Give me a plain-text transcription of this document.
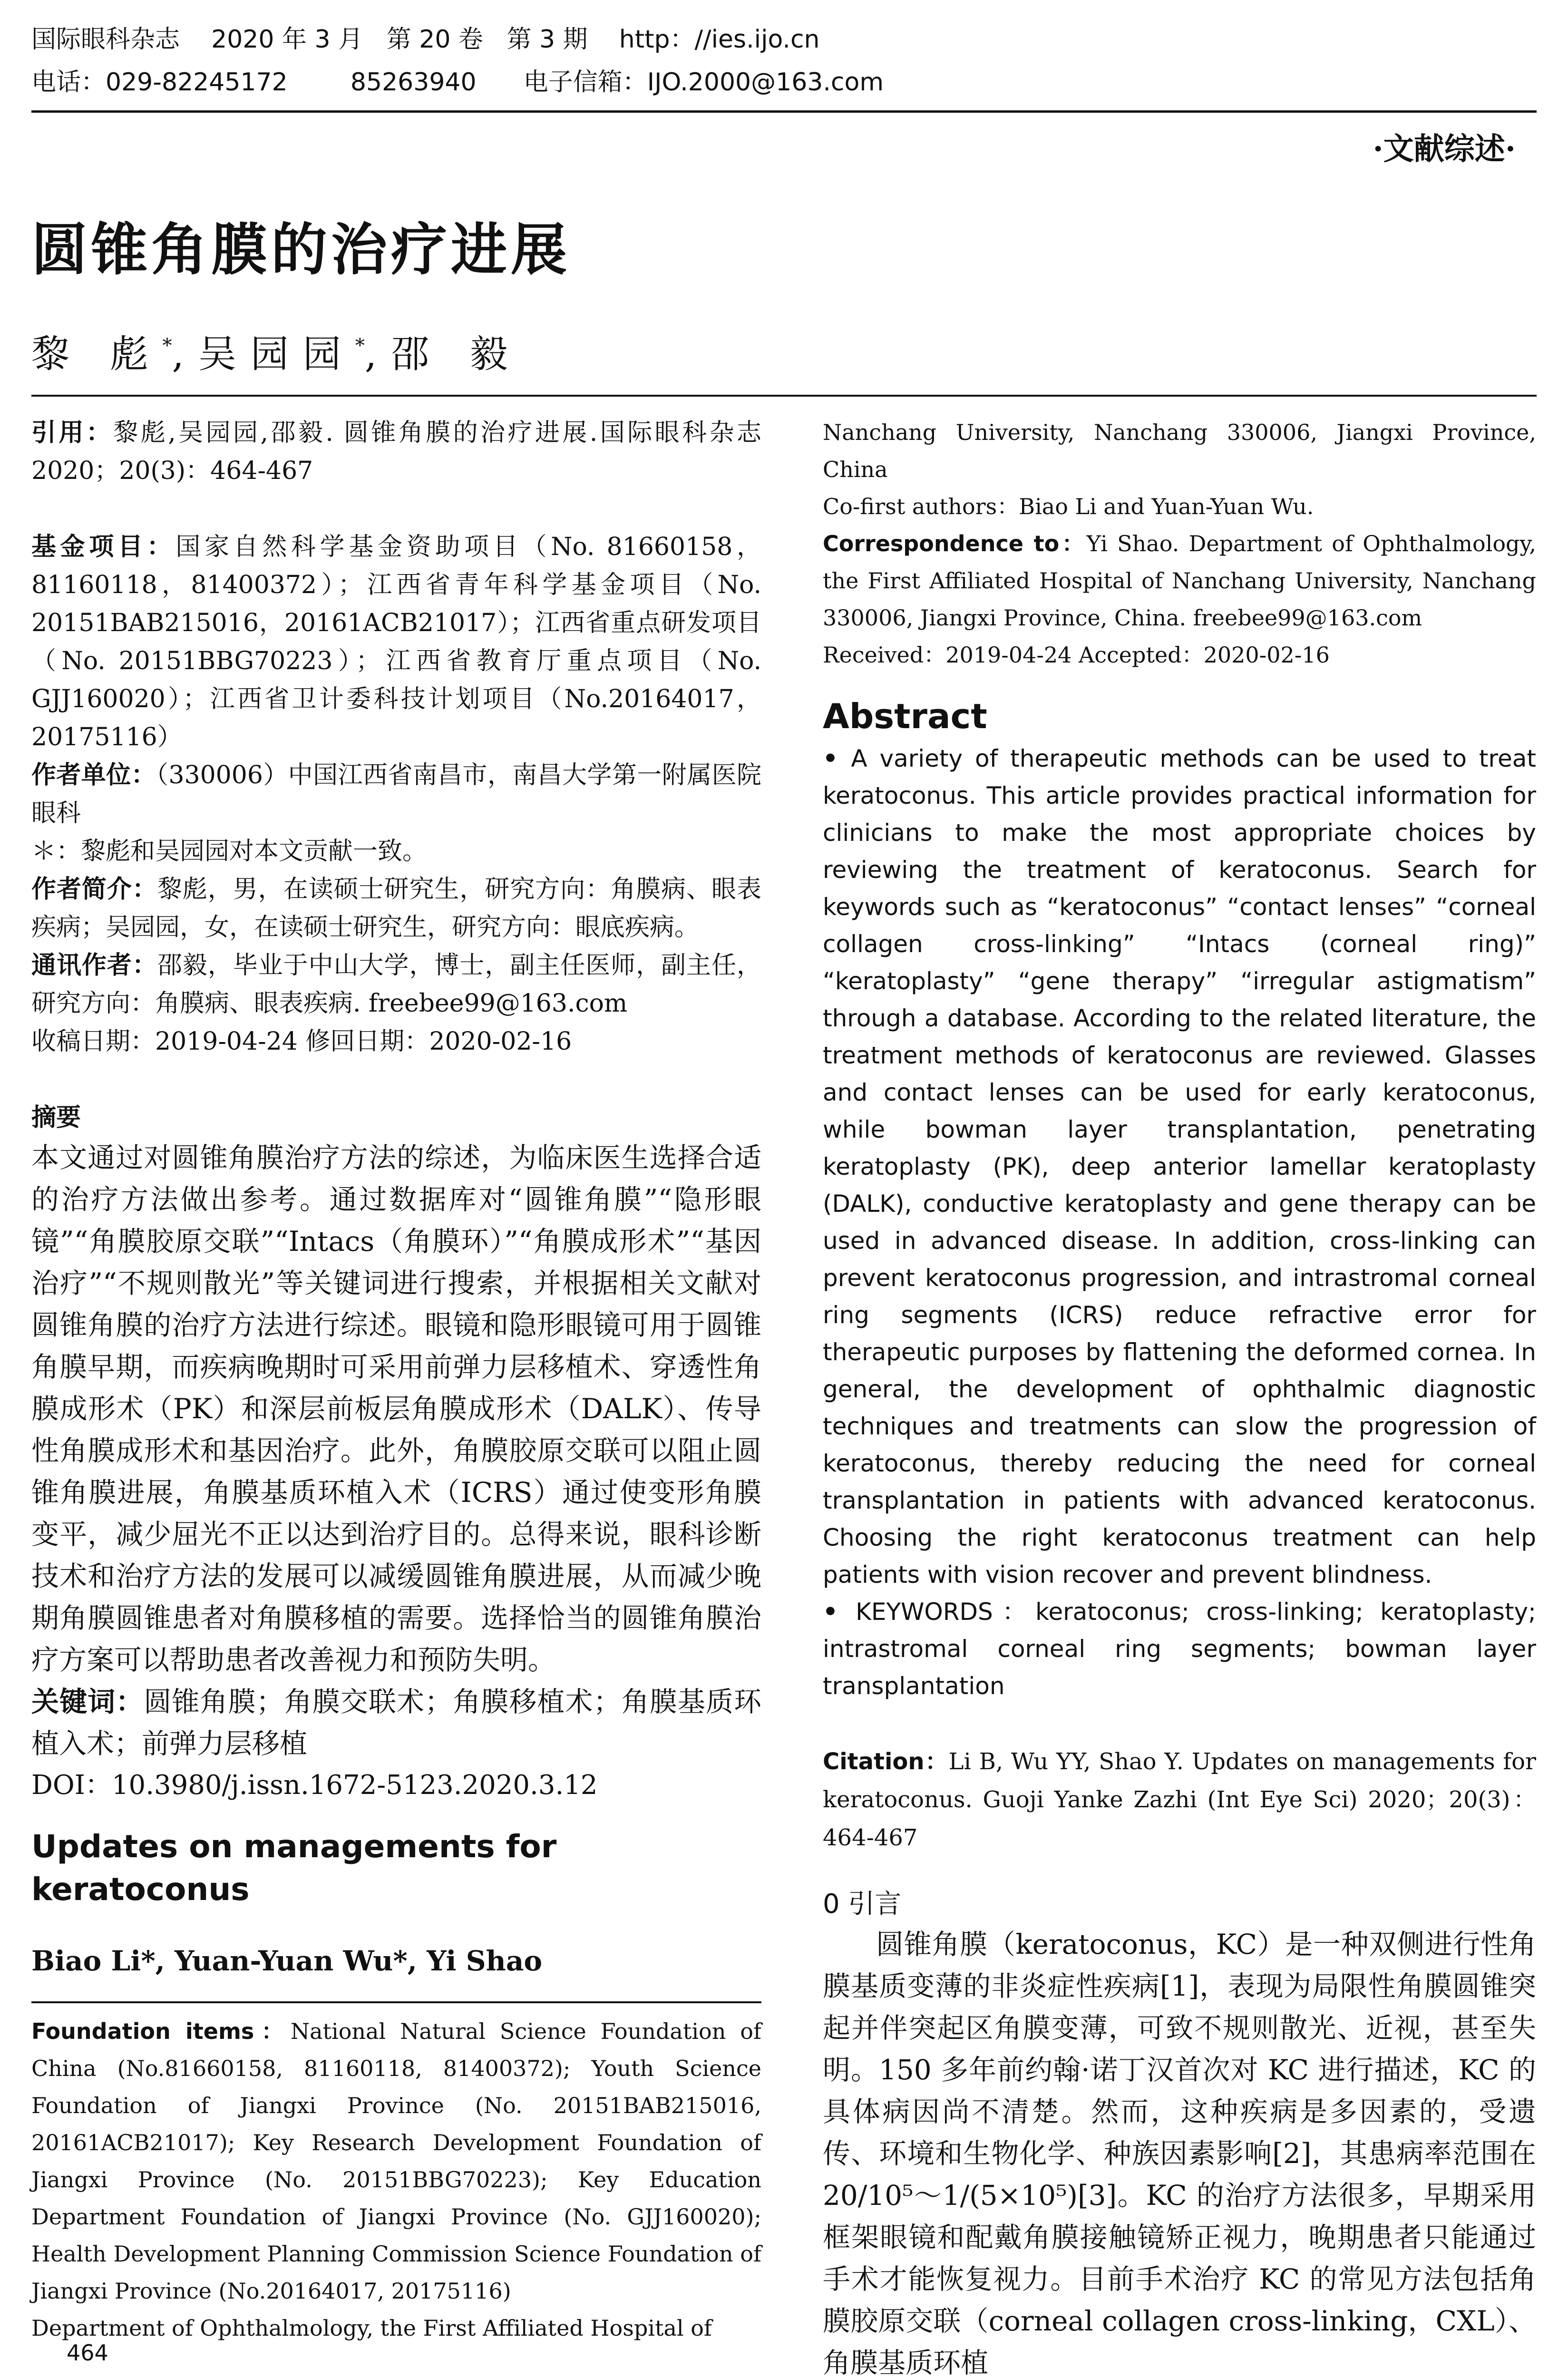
国际眼科杂志    2020 年 3 月   第 20 卷   第 3 期    http：//ies.ijo.cn
电话：029-82245172        85263940      电子信箱：IJO.2000@163.com
·文献综述·
圆锥角膜的治疗进展
黎 彪*,吴园园*,邵 毅

引用：黎彪,吴园园,邵毅. 圆锥角膜的治疗进展.国际眼科杂志 2020；20(3)：464-467

基金项目：国家自然科学基金资助项目（No. 81660158，81160118，81400372）；江西省青年科学基金项目（No. 20151BAB215016，20161ACB21017）；江西省重点研发项目（No. 20151BBG70223）；江西省教育厅重点项目（No. GJJ160020）；江西省卫计委科技计划项目（No.20164017，20175116）

作者单位：（330006）中国江西省南昌市，南昌大学第一附属医院眼科

＊：黎彪和吴园园对本文贡献一致。

作者简介：黎彪，男，在读硕士研究生，研究方向：角膜病、眼表疾病；吴园园，女，在读硕士研究生，研究方向：眼底疾病。

通讯作者：邵毅，毕业于中山大学，博士，副主任医师，副主任，研究方向：角膜病、眼表疾病. freebee99@163.com

收稿日期：2019-04-24 修回日期：2020-02-16

摘要

本文通过对圆锥角膜治疗方法的综述，为临床医生选择合适的治疗方法做出参考。通过数据库对“圆锥角膜”“隐形眼镜”“角膜胶原交联”“Intacs（角膜环）”“角膜成形术”“基因治疗”“不规则散光”等关键词进行搜索，并根据相关文献对圆锥角膜的治疗方法进行综述。眼镜和隐形眼镜可用于圆锥角膜早期，而疾病晚期时可采用前弹力层移植术、穿透性角膜成形术（PK）和深层前板层角膜成形术（DALK）、传导性角膜成形术和基因治疗。此外，角膜胶原交联可以阻止圆锥角膜进展，角膜基质环植入术（ICRS）通过使变形角膜变平，减少屈光不正以达到治疗目的。总得来说，眼科诊断技术和治疗方法的发展可以减缓圆锥角膜进展，从而减少晚期角膜圆锥患者对角膜移植的需要。选择恰当的圆锥角膜治疗方案可以帮助患者改善视力和预防失明。

关键词：圆锥角膜；角膜交联术；角膜移植术；角膜基质环植入术；前弹力层移植

DOI：10.3980/j.issn.1672-5123.2020.3.12

Updates on managements for keratoconus
Biao Li*, Yuan-Yuan Wu*, Yi Shao

Foundation items：National Natural Science Foundation of China (No.81660158, 81160118, 81400372); Youth Science Foundation of Jiangxi Province (No. 20151BAB215016, 20161ACB21017); Key Research Development Foundation of Jiangxi Province (No. 20151BBG70223); Key Education Department Foundation of Jiangxi Province (No. GJJ160020); Health Development Planning Commission Science Foundation of Jiangxi Province (No.20164017, 20175116)

Department of Ophthalmology, the First Affiliated Hospital of

Nanchang University, Nanchang 330006, Jiangxi Province, China

Co-first authors：Biao Li and Yuan-Yuan Wu.

Correspondence to：Yi Shao. Department of Ophthalmology, the First Affiliated Hospital of Nanchang University, Nanchang 330006, Jiangxi Province, China. freebee99@163.com

Received：2019-04-24 Accepted：2020-02-16

Abstract

• A variety of therapeutic methods can be used to treat keratoconus. This article provides practical information for clinicians to make the most appropriate choices by reviewing the treatment of keratoconus. Search for keywords such as “keratoconus” “contact lenses” “corneal collagen cross-linking” “Intacs (corneal ring)” “keratoplasty” “gene therapy” “irregular astigmatism” through a database. According to the related literature, the treatment methods of keratoconus are reviewed. Glasses and contact lenses can be used for early keratoconus, while bowman layer transplantation, penetrating keratoplasty (PK), deep anterior lamellar keratoplasty (DALK), conductive keratoplasty and gene therapy can be used in advanced disease. In addition, cross-linking can prevent keratoconus progression, and intrastromal corneal ring segments (ICRS) reduce refractive error for therapeutic purposes by flattening the deformed cornea. In general, the development of ophthalmic diagnostic techniques and treatments can slow the progression of keratoconus, thereby reducing the need for corneal transplantation in patients with advanced keratoconus. Choosing the right keratoconus treatment can help patients with vision recover and prevent blindness.

• KEYWORDS：keratoconus; cross-linking; keratoplasty; intrastromal corneal ring segments; bowman layer transplantation

Citation：Li B, Wu YY, Shao Y. Updates on managements for keratoconus. Guoji Yanke Zazhi (Int Eye Sci) 2020；20(3)：464-467

0 引言

圆锥角膜（keratoconus，KC）是一种双侧进行性角膜基质变薄的非炎症性疾病[1]，表现为局限性角膜圆锥突起并伴突起区角膜变薄，可致不规则散光、近视，甚至失明。150 多年前约翰·诺丁汉首次对 KC 进行描述，KC 的具体病因尚不清楚。然而，这种疾病是多因素的，受遗传、环境和生物化学、种族因素影响[2]，其患病率范围在 20/10⁵～1/(5×10⁵)[3]。KC 的治疗方法很多，早期采用框架眼镜和配戴角膜接触镜矫正视力，晚期患者只能通过手术才能恢复视力。目前手术治疗 KC 的常见方法包括角膜胶原交联（corneal collagen cross-linking，CXL）、角膜基质环植

464
